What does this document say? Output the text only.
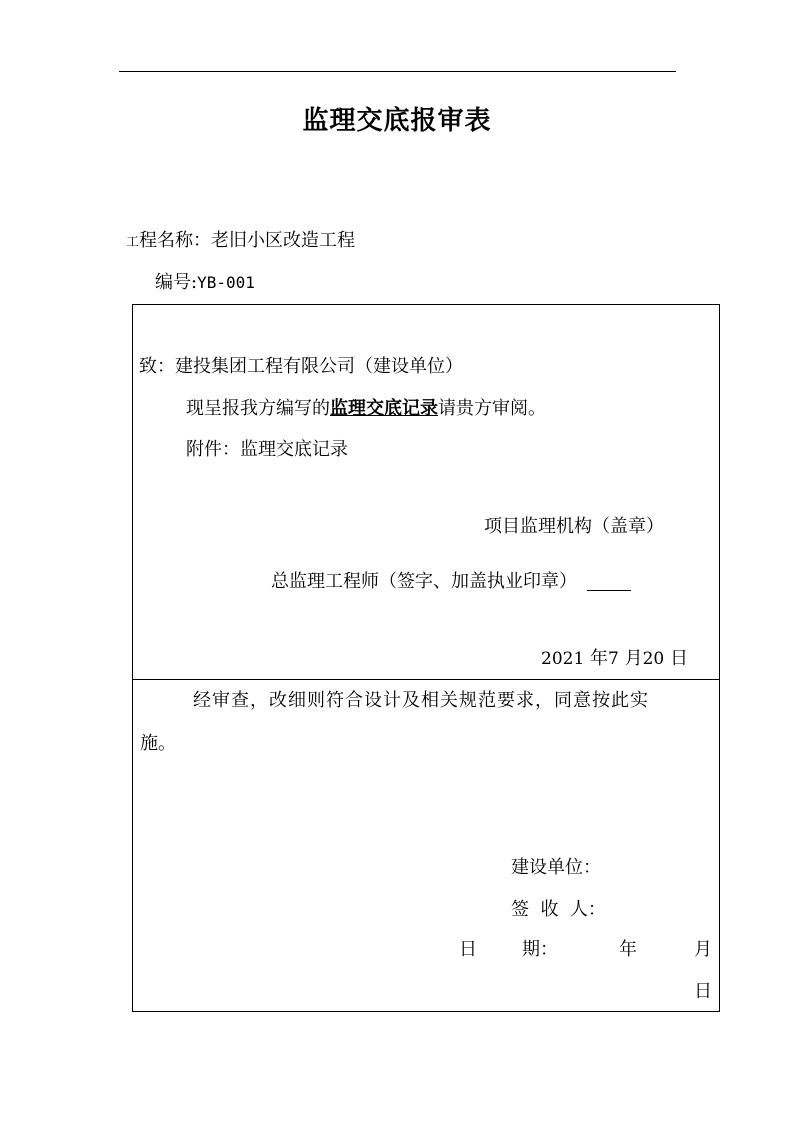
监理交底报审表
工程名称：老旧小区改造工程
编号:YB-001
致：建投集团工程有限公司（建设单位）
现呈报我方编写的监理交底记录请贵方审阅。
附件：监理交底记录
项目监理机构（盖章）
总监理工程师（签字、加盖执业印章）
2021 年7 月20 日
经审查，改细则符合设计及相关规范要求，同意按此实
施。
建设单位：
签 收 人：
日	期：	年	月
日
